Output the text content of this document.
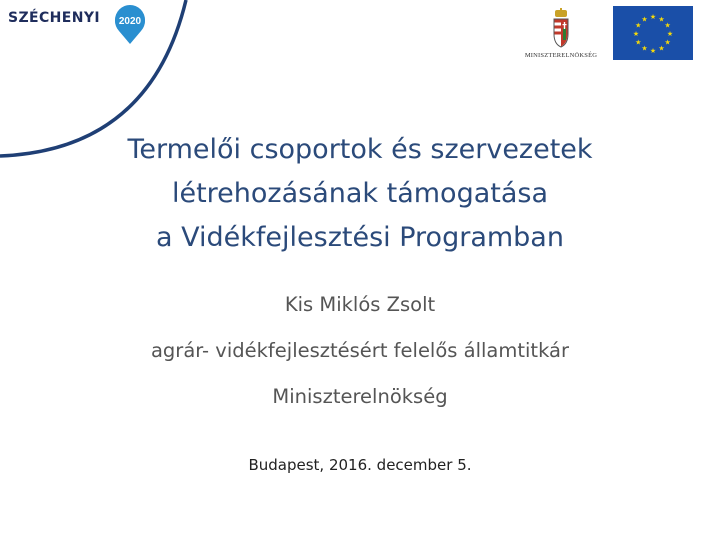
SZÉCHENYI 2020
MINISZTERELNÖKSÉG
★ ★
★
★
★
★
★
★
★
★
★
★
Termelői csoportok és szervezetek
létrehozásának támogatása
a Vidékfejlesztési Programban
Kis Miklós Zsolt
agrár- vidékfejlesztésért felelős államtitkár
Miniszterelnökség
Budapest, 2016. december 5.
